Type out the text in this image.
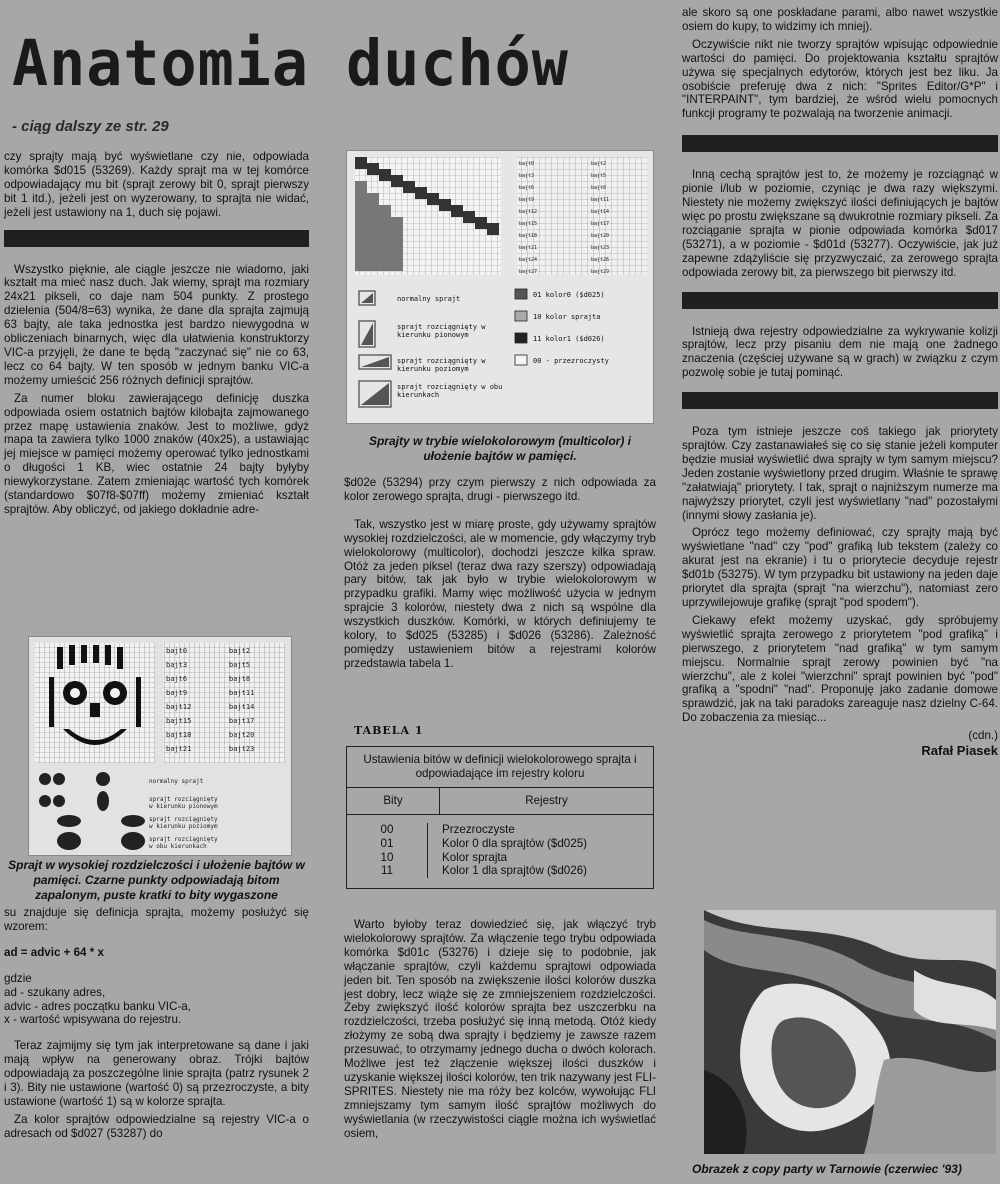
Anatomia duchów
- ciąg dalszy ze str. 29

czy sprajty mają być wyświetlane czy nie, odpowiada komórka $d015 (53269). Każdy sprajt ma w tej komórce odpowiadający mu bit (sprajt zerowy bit 0, sprajt pierwszy bit 1 itd.), jeżeli jest on wyzerowany, to sprajta nie widać, jeżeli jest ustawiony na 1, duch się pojawi.

Wszystko pięknie, ale ciągle jeszcze nie wiadomo, jaki kształt ma mieć nasz duch. Jak wiemy, sprajt ma rozmiary 24x21 pikseli, co daje nam 504 punkty. Z prostego dzielenia (504/8=63) wynika, że dane dla sprajta zajmują 63 bajty, ale taka jednostka jest bardzo niewygodna w obliczeniach binarnych, więc dla ułatwienia konstruktorzy VIC-a przyjęli, że dane te będą "zaczynać się" nie co 63, lecz co 64 bajty. W ten sposób w jednym banku VIC-a możemy umieścić 256 różnych definicji sprajtów.

Za numer bloku zawierającego definicję duszka odpowiada osiem ostatnich bajtów kilobajta zajmowanego przez mapę ustawienia znaków. Jest to możliwe, gdyż mapa ta zawiera tylko 1000 znaków (40x25), a ustawiając jej miejsce w pamięci możemy operować tylko jednostkami o długości 1 KB, wiec ostatnie 24 bajty byłyby niewykorzystane. Zatem zmieniając wartość tych komórek (standardowo $07f8-$07ff) możemy zmieniać kształt sprajtów. Aby obliczyć, od jakiego dokładnie adre-

bajt0
bajt3
bajt6
bajt9
bajt12
bajt15
bajt18
bajt21
bajt2
bajt5
bajt8
bajt11
bajt14
bajt17
bajt20
bajt23
normalny sprajt
sprajt rozciągnięty
w kierunku pionowym
sprajt rozciągnięty
w kierunku poziomym
sprajt rozciągnięty
w obu kierunkach
Sprajt w wysokiej rozdzielczości i ułożenie bajtów w pamięci. Czarne punkty odpowiadają bitom zapalonym, puste kratki to bity wygaszone

su znajduje się definicja sprajta, możemy posłużyć się wzorem:

ad = advic + 64 * x

gdzie

ad - szukany adres,

advic - adres początku banku VIC-a,

x - wartość wpisywana do rejestru.

Teraz zajmijmy się tym jak interpretowane są dane i jaki mają wpływ na generowany obraz. Trójki bajtów odpowiadają za poszczególne linie sprajta (patrz rysunek 2 i 3). Bity nie ustawione (wartość 0) są przezroczyste, a bity ustawione (wartość 1) są w kolorze sprajta.

Za kolor sprajtów odpowiedzialne są rejestry VIC-a o adresach od $d027 (53287) do

bajt0
bajt3
bajt6
bajt9
bajt12
bajt15
bajt18
bajt21
bajt24
bajt27
bajt2
bajt5
bajt8
bajt11
bajt14
bajt17
bajt20
bajt23
bajt26
bajt29
normalny sprajt
sprajt rozciągnięty w kierunku pionowym
sprajt rozciągnięty w kierunku poziomym
sprajt rozciągnięty w obu kierunkach
01 kolor0 ($d025)
10 kolor sprajta
11 kolor1 ($d026)
00 - przezroczysty
Sprajty w trybie wielokolorowym (multicolor) i ułożenie bajtów w pamięci.

$d02e (53294) przy czym pierwszy z nich odpowiada za kolor zerowego sprajta, drugi - pierwszego itd.

Tak, wszystko jest w miarę proste, gdy używamy sprajtów wysokiej rozdzielczości, ale w momencie, gdy włączymy tryb wielokolorowy (multicolor), dochodzi jeszcze kilka spraw. Otóż za jeden piksel (teraz dwa razy szerszy) odpowiadają pary bitów, tak jak było w trybie wielokolorowym w przypadku grafiki. Mamy więc możliwość użycia w jednym sprajcie 3 kolorów, niestety dwa z nich są wspólne dla wszystkich duszków. Komórki, w których definiujemy te kolory, to $d025 (53285) i $d026 (53286). Zależność pomiędzy ustawieniem bitów a rejestrami kolorów przedstawia tabela 1.

TABELA 1
Ustawienia bitów w definicji wielokolorowego sprajta i odpowiadające im rejestry koloru
Bity	Rejestry
00
01
10
11
Przezroczyste
Kolor 0 dla sprajtów ($d025)
Kolor sprajta
Kolor 1 dla sprajtów ($d026)

Warto byłoby teraz dowiedzieć się, jak włączyć tryb wielokolorowy sprajtów. Za włączenie tego trybu odpowiada komórka $d01c (53276) i dzieje się to podobnie, jak włączanie sprajtów, czyli każdemu sprajtowi odpowiada jeden bit. Ten sposób na zwiększenie ilości kolorów duszka jest dobry, lecz wiąże się ze zmniejszeniem rozdzielczości. Żeby zwiększyć ilość kolorów sprajta bez uszczerbku na rozdzielczości, trzeba posłużyć się inną metodą. Otóż kiedy złożymy ze sobą dwa sprajty i będziemy je zawsze razem przesuwać, to otrzymamy jednego ducha o dwóch kolorach. Możliwe jest też złączenie większej ilości duszków i uzyskanie większej ilości kolorów, ten trik nazywany jest FLI-SPRITES. Niestety nie ma róży bez kolców, wywołując FLI zmniejszamy tym samym ilość sprajtów możliwych do wyświetlania (w rzeczywistości ciągle można ich wyświetlać osiem,

ale skoro są one poskładane parami, albo nawet wszystkie osiem do kupy, to widzimy ich mniej).

Oczywiście nikt nie tworzy sprajtów wpisując odpowiednie wartości do pamięci. Do projektowania kształtu sprajtów używa się specjalnych edytorów, których jest bez liku. Ja osobiście preferuję dwa z nich: "Sprites Editor/G*P" i "INTERPAINT", tym bardziej, że wśród wielu pomocnych funkcji programy te pozwalają na tworzenie animacji.

Inną cechą sprajtów jest to, że możemy je rozciągnąć w pionie i/lub w poziomie, czyniąc je dwa razy większymi. Niestety nie możemy zwiększyć ilości definiujących je bajtów więc po prostu zwiększane są dwukrotnie rozmiary pikseli. Za rozciąganie sprajta w pionie odpowiada komórka $d017 (53271), a w poziomie - $d01d (53277). Oczywiście, jak już zapewne zdążyliście się przyzwyczaić, za zerowego sprajta odpowiada zerowy bit, za pierwszego bit pierwszy itd.

Istnieją dwa rejestry odpowiedzialne za wykrywanie kolizji sprajtów, lecz przy pisaniu dem nie mają one żadnego znaczenia (częściej używane są w grach) w związku z czym pozwolę sobie je tutaj pominąć.

Poza tym istnieje jeszcze coś takiego jak priorytety sprajtów. Czy zastanawiałeś się co się stanie jeżeli komputer będzie musiał wyświetlić dwa sprajty w tym samym miejscu? Jeden zostanie wyświetlony przed drugim. Właśnie te sprawę "załatwiają" priorytety. I tak, sprajt o najniższym numerze ma najwyższy priorytet, czyli jest wyświetlany "nad" pozostałymi (innymi słowy zasłania je).

Oprócz tego możemy definiować, czy sprajty mają być wyświetlane "nad" czy "pod" grafiką lub tekstem (zależy co akurat jest na ekranie) i tu o priorytecie decyduje rejestr $d01b (53275). W tym przypadku bit ustawiony na jeden daje priorytet dla sprajta (sprajt "na wierzchu"), natomiast zero uprzywilejowuje grafikę (sprajt "pod spodem").

Ciekawy efekt możemy uzyskać, gdy spróbujemy wyświetlić sprajta zerowego z priorytetem "pod grafiką" i pierwszego, z priorytetem "nad grafiką" w tym samym miejscu. Normalnie sprajt zerowy powinien być "na wierzchu", ale z kolei "wierzchni" sprajt powinien być "pod" grafiką a "spodni" "nad". Proponuję jako zadanie domowe sprawdzić, jak na taki paradoks zareaguje nasz dzielny C-64. Do zobaczenia za miesiąc...

(cdn.)
Rafał Piasek
Obrazek z copy party w Tarnowie (czerwiec '93)
